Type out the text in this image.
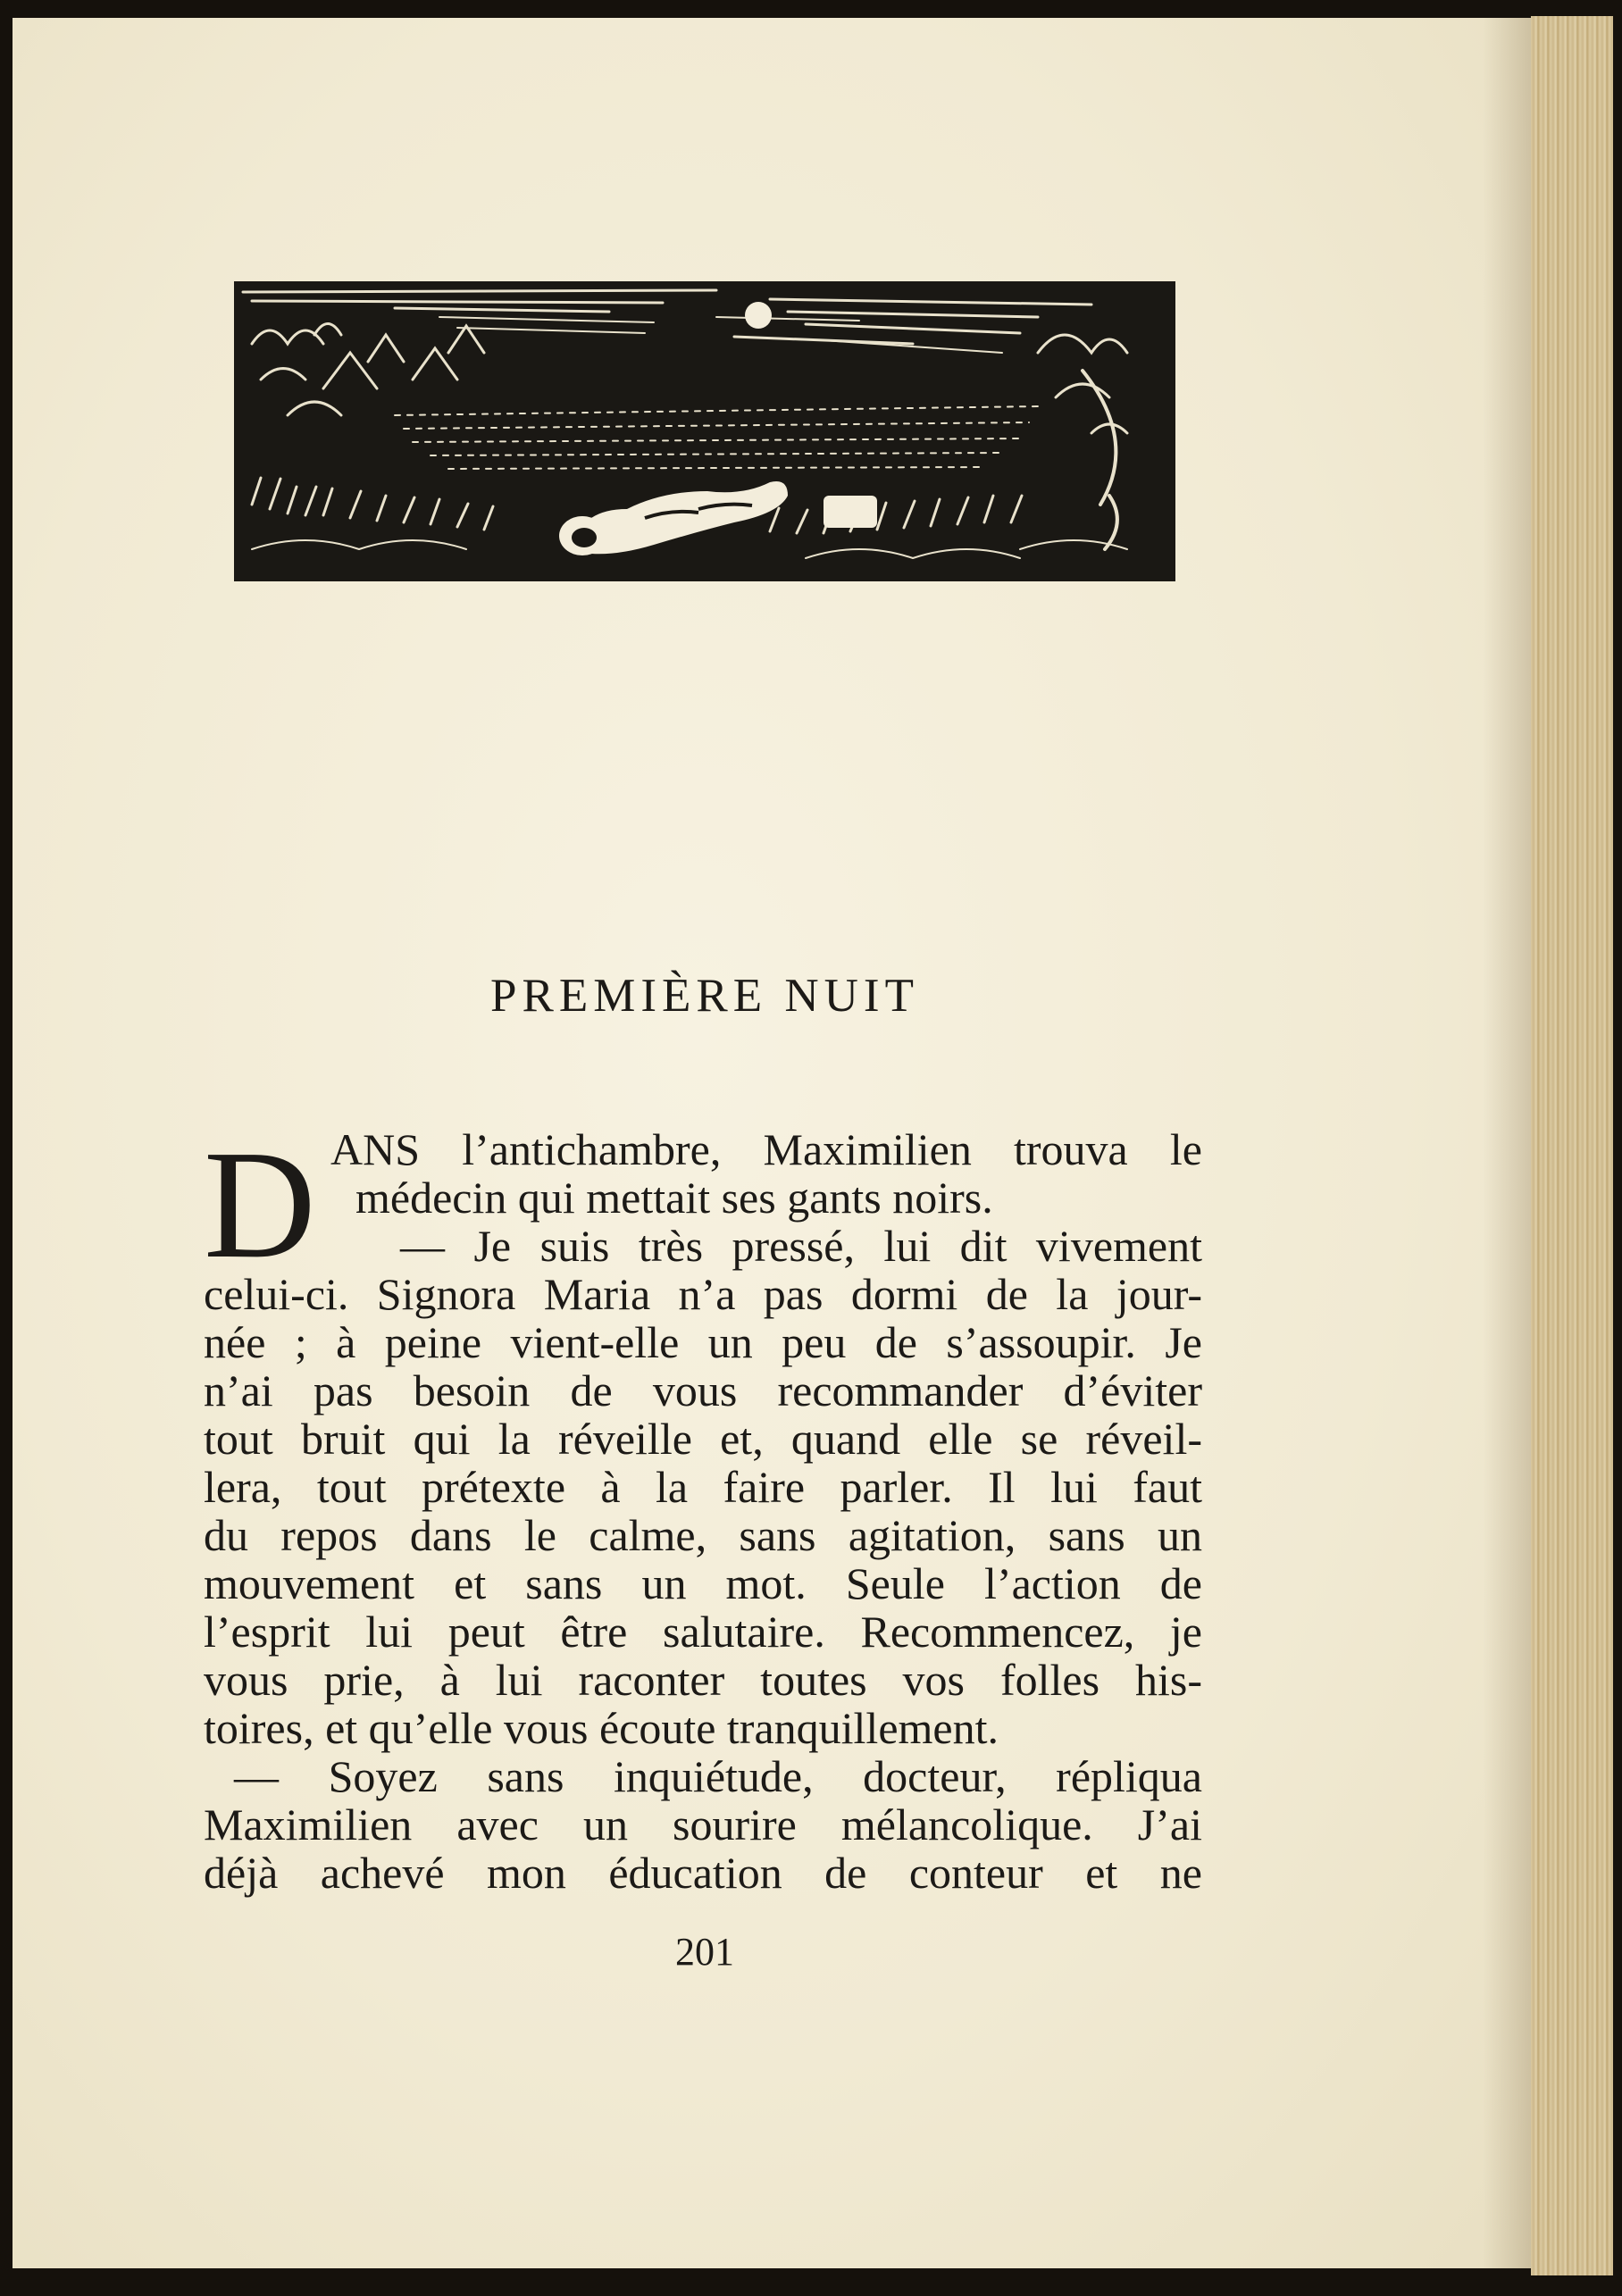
PREMIÈRE NUIT
D ANS l’antichambre, Maximilien trouva le
médecin qui mettait ses gants noirs.
— Je suis très pressé, lui dit vivement
celui-ci. Signora Maria n’a pas dormi de la jour-
née ; à peine vient-elle un peu de s’assoupir. Je
n’ai pas besoin de vous recommander d’éviter
tout bruit qui la réveille et, quand elle se réveil-
lera, tout prétexte à la faire parler. Il lui faut
du repos dans le calme, sans agitation, sans un
mouvement et sans un mot. Seule l’action de
l’esprit lui peut être salutaire. Recommencez, je
vous prie, à lui raconter toutes vos folles his-
toires, et qu’elle vous écoute tranquillement.
— Soyez sans inquiétude, docteur, répliqua
Maximilien avec un sourire mélancolique. J’ai
déjà achevé mon éducation de conteur et ne
201
